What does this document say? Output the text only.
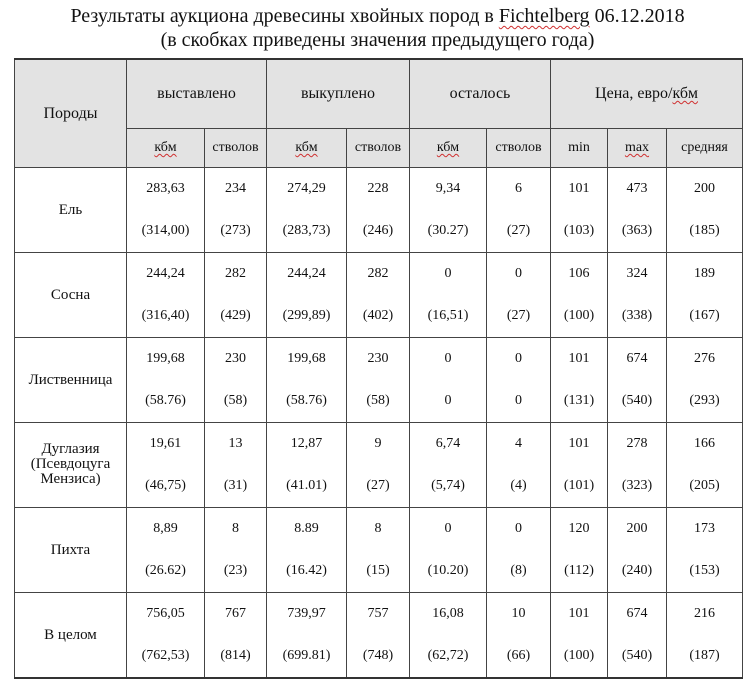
Результаты аукциона древесины хвойных пород в Fichtelberg 06.12.2018
(в скобках приведены значения предыдущего года)
Породы	выставлено		выкуплено		осталось		Цена, евро/кбм		
	кбм	стволов	кбм	стволов	кбм	стволов	min	max	средняя
Ель	283,63	234	274,29	228	9,34	6	101	473	200
	(314,00)	(273)	(283,73)	(246)	(30.27)	(27)	(103)	(363)	(185)
Сосна	244,24	282	244,24	282	0	0	106	324	189
	(316,40)	(429)	(299,89)	(402)	(16,51)	(27)	(100)	(338)	(167)
Лиственница	199,68	230	199,68	230	0	0	101	674	276
	(58.76)	(58)	(58.76)	(58)	0	0	(131)	(540)	(293)
Дуглазия (Псевдоцуга Мензиса)	19,61	13	12,87	9	6,74	4	101	278	166
	(46,75)	(31)	(41.01)	(27)	(5,74)	(4)	(101)	(323)	(205)
Пихта	8,89	8	8.89	8	0	0	120	200	173
	(26.62)	(23)	(16.42)	(15)	(10.20)	(8)	(112)	(240)	(153)
В целом	756,05	767	739,97	757	16,08	10	101	674	216
	(762,53)	(814)	(699.81)	(748)	(62,72)	(66)	(100)	(540)	(187)
